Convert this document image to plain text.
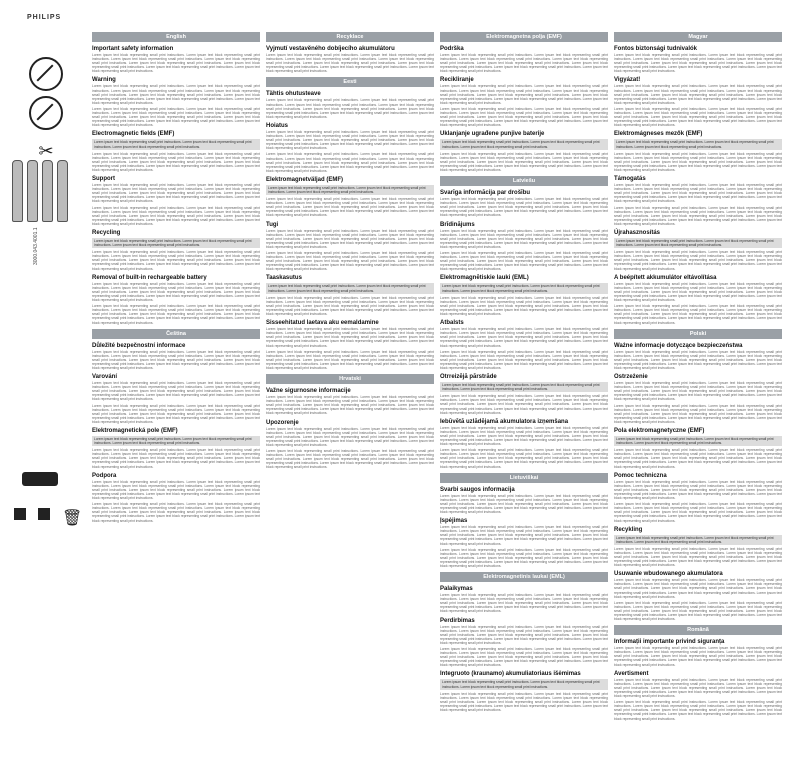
PHILIPS
✂
3000.043.4001.1
🗑
English
Important safety information

Lorem ipsum text block representing small print instructions. Lorem ipsum text block representing small print instructions. Lorem ipsum text block representing small print instructions. Lorem ipsum text block representing small print instructions. Lorem ipsum text block representing small print instructions. Lorem ipsum text block representing small print instructions. Lorem ipsum text block representing small print instructions. Lorem ipsum text block representing small print instructions.

Warning

Lorem ipsum text block representing small print instructions. Lorem ipsum text block representing small print instructions. Lorem ipsum text block representing small print instructions. Lorem ipsum text block representing small print instructions. Lorem ipsum text block representing small print instructions. Lorem ipsum text block representing small print instructions. Lorem ipsum text block representing small print instructions. Lorem ipsum text block representing small print instructions.

Lorem ipsum text block representing small print instructions. Lorem ipsum text block representing small print instructions. Lorem ipsum text block representing small print instructions. Lorem ipsum text block representing small print instructions. Lorem ipsum text block representing small print instructions. Lorem ipsum text block representing small print instructions. Lorem ipsum text block representing small print instructions. Lorem ipsum text block representing small print instructions.

Electromagnetic fields (EMF)

Lorem ipsum text block representing small print instructions. Lorem ipsum text block representing small print instructions. Lorem ipsum text block representing small print instructions.

Lorem ipsum text block representing small print instructions. Lorem ipsum text block representing small print instructions. Lorem ipsum text block representing small print instructions. Lorem ipsum text block representing small print instructions. Lorem ipsum text block representing small print instructions. Lorem ipsum text block representing small print instructions. Lorem ipsum text block representing small print instructions. Lorem ipsum text block representing small print instructions.

Support

Lorem ipsum text block representing small print instructions. Lorem ipsum text block representing small print instructions. Lorem ipsum text block representing small print instructions. Lorem ipsum text block representing small print instructions. Lorem ipsum text block representing small print instructions. Lorem ipsum text block representing small print instructions. Lorem ipsum text block representing small print instructions. Lorem ipsum text block representing small print instructions.

Lorem ipsum text block representing small print instructions. Lorem ipsum text block representing small print instructions. Lorem ipsum text block representing small print instructions. Lorem ipsum text block representing small print instructions. Lorem ipsum text block representing small print instructions. Lorem ipsum text block representing small print instructions. Lorem ipsum text block representing small print instructions. Lorem ipsum text block representing small print instructions.

Recycling

Lorem ipsum text block representing small print instructions. Lorem ipsum text block representing small print instructions. Lorem ipsum text block representing small print instructions.

Lorem ipsum text block representing small print instructions. Lorem ipsum text block representing small print instructions. Lorem ipsum text block representing small print instructions. Lorem ipsum text block representing small print instructions. Lorem ipsum text block representing small print instructions. Lorem ipsum text block representing small print instructions. Lorem ipsum text block representing small print instructions. Lorem ipsum text block representing small print instructions.

Removal of built-in rechargeable battery

Lorem ipsum text block representing small print instructions. Lorem ipsum text block representing small print instructions. Lorem ipsum text block representing small print instructions. Lorem ipsum text block representing small print instructions. Lorem ipsum text block representing small print instructions. Lorem ipsum text block representing small print instructions. Lorem ipsum text block representing small print instructions. Lorem ipsum text block representing small print instructions.

Lorem ipsum text block representing small print instructions. Lorem ipsum text block representing small print instructions. Lorem ipsum text block representing small print instructions. Lorem ipsum text block representing small print instructions. Lorem ipsum text block representing small print instructions. Lorem ipsum text block representing small print instructions. Lorem ipsum text block representing small print instructions. Lorem ipsum text block representing small print instructions.

Čeština
Důležité bezpečnostní informace

Lorem ipsum text block representing small print instructions. Lorem ipsum text block representing small print instructions. Lorem ipsum text block representing small print instructions. Lorem ipsum text block representing small print instructions. Lorem ipsum text block representing small print instructions. Lorem ipsum text block representing small print instructions. Lorem ipsum text block representing small print instructions. Lorem ipsum text block representing small print instructions.

Varování

Lorem ipsum text block representing small print instructions. Lorem ipsum text block representing small print instructions. Lorem ipsum text block representing small print instructions. Lorem ipsum text block representing small print instructions. Lorem ipsum text block representing small print instructions. Lorem ipsum text block representing small print instructions. Lorem ipsum text block representing small print instructions. Lorem ipsum text block representing small print instructions.

Lorem ipsum text block representing small print instructions. Lorem ipsum text block representing small print instructions. Lorem ipsum text block representing small print instructions. Lorem ipsum text block representing small print instructions. Lorem ipsum text block representing small print instructions. Lorem ipsum text block representing small print instructions. Lorem ipsum text block representing small print instructions. Lorem ipsum text block representing small print instructions.

Elektromagnetická pole (EMF)

Lorem ipsum text block representing small print instructions. Lorem ipsum text block representing small print instructions. Lorem ipsum text block representing small print instructions.

Lorem ipsum text block representing small print instructions. Lorem ipsum text block representing small print instructions. Lorem ipsum text block representing small print instructions. Lorem ipsum text block representing small print instructions. Lorem ipsum text block representing small print instructions. Lorem ipsum text block representing small print instructions. Lorem ipsum text block representing small print instructions. Lorem ipsum text block representing small print instructions.

Podpora

Lorem ipsum text block representing small print instructions. Lorem ipsum text block representing small print instructions. Lorem ipsum text block representing small print instructions. Lorem ipsum text block representing small print instructions. Lorem ipsum text block representing small print instructions. Lorem ipsum text block representing small print instructions. Lorem ipsum text block representing small print instructions. Lorem ipsum text block representing small print instructions.

Lorem ipsum text block representing small print instructions. Lorem ipsum text block representing small print instructions. Lorem ipsum text block representing small print instructions. Lorem ipsum text block representing small print instructions. Lorem ipsum text block representing small print instructions. Lorem ipsum text block representing small print instructions. Lorem ipsum text block representing small print instructions. Lorem ipsum text block representing small print instructions.

Recyklace
Vyjmutí vestavěného dobíjecího akumulátoru

Lorem ipsum text block representing small print instructions. Lorem ipsum text block representing small print instructions. Lorem ipsum text block representing small print instructions. Lorem ipsum text block representing small print instructions. Lorem ipsum text block representing small print instructions. Lorem ipsum text block representing small print instructions. Lorem ipsum text block representing small print instructions. Lorem ipsum text block representing small print instructions.

Eesti
Tähtis ohutusteave

Lorem ipsum text block representing small print instructions. Lorem ipsum text block representing small print instructions. Lorem ipsum text block representing small print instructions. Lorem ipsum text block representing small print instructions. Lorem ipsum text block representing small print instructions. Lorem ipsum text block representing small print instructions. Lorem ipsum text block representing small print instructions. Lorem ipsum text block representing small print instructions.

Hoiatus

Lorem ipsum text block representing small print instructions. Lorem ipsum text block representing small print instructions. Lorem ipsum text block representing small print instructions. Lorem ipsum text block representing small print instructions. Lorem ipsum text block representing small print instructions. Lorem ipsum text block representing small print instructions. Lorem ipsum text block representing small print instructions. Lorem ipsum text block representing small print instructions.

Lorem ipsum text block representing small print instructions. Lorem ipsum text block representing small print instructions. Lorem ipsum text block representing small print instructions. Lorem ipsum text block representing small print instructions. Lorem ipsum text block representing small print instructions. Lorem ipsum text block representing small print instructions. Lorem ipsum text block representing small print instructions. Lorem ipsum text block representing small print instructions.

Elektromagnetväljad (EMF)

Lorem ipsum text block representing small print instructions. Lorem ipsum text block representing small print instructions. Lorem ipsum text block representing small print instructions.

Lorem ipsum text block representing small print instructions. Lorem ipsum text block representing small print instructions. Lorem ipsum text block representing small print instructions. Lorem ipsum text block representing small print instructions. Lorem ipsum text block representing small print instructions. Lorem ipsum text block representing small print instructions. Lorem ipsum text block representing small print instructions. Lorem ipsum text block representing small print instructions.

Tugi

Lorem ipsum text block representing small print instructions. Lorem ipsum text block representing small print instructions. Lorem ipsum text block representing small print instructions. Lorem ipsum text block representing small print instructions. Lorem ipsum text block representing small print instructions. Lorem ipsum text block representing small print instructions. Lorem ipsum text block representing small print instructions. Lorem ipsum text block representing small print instructions.

Lorem ipsum text block representing small print instructions. Lorem ipsum text block representing small print instructions. Lorem ipsum text block representing small print instructions. Lorem ipsum text block representing small print instructions. Lorem ipsum text block representing small print instructions. Lorem ipsum text block representing small print instructions. Lorem ipsum text block representing small print instructions. Lorem ipsum text block representing small print instructions.

Taaskasutus

Lorem ipsum text block representing small print instructions. Lorem ipsum text block representing small print instructions. Lorem ipsum text block representing small print instructions.

Lorem ipsum text block representing small print instructions. Lorem ipsum text block representing small print instructions. Lorem ipsum text block representing small print instructions. Lorem ipsum text block representing small print instructions. Lorem ipsum text block representing small print instructions. Lorem ipsum text block representing small print instructions. Lorem ipsum text block representing small print instructions. Lorem ipsum text block representing small print instructions.

Sisseehitatud laetava aku eemaldamine

Lorem ipsum text block representing small print instructions. Lorem ipsum text block representing small print instructions. Lorem ipsum text block representing small print instructions. Lorem ipsum text block representing small print instructions. Lorem ipsum text block representing small print instructions. Lorem ipsum text block representing small print instructions. Lorem ipsum text block representing small print instructions. Lorem ipsum text block representing small print instructions.

Lorem ipsum text block representing small print instructions. Lorem ipsum text block representing small print instructions. Lorem ipsum text block representing small print instructions. Lorem ipsum text block representing small print instructions. Lorem ipsum text block representing small print instructions. Lorem ipsum text block representing small print instructions. Lorem ipsum text block representing small print instructions. Lorem ipsum text block representing small print instructions.

Hrvatski
Važne sigurnosne informacije

Lorem ipsum text block representing small print instructions. Lorem ipsum text block representing small print instructions. Lorem ipsum text block representing small print instructions. Lorem ipsum text block representing small print instructions. Lorem ipsum text block representing small print instructions. Lorem ipsum text block representing small print instructions. Lorem ipsum text block representing small print instructions. Lorem ipsum text block representing small print instructions.

Upozorenje

Lorem ipsum text block representing small print instructions. Lorem ipsum text block representing small print instructions. Lorem ipsum text block representing small print instructions. Lorem ipsum text block representing small print instructions. Lorem ipsum text block representing small print instructions. Lorem ipsum text block representing small print instructions. Lorem ipsum text block representing small print instructions. Lorem ipsum text block representing small print instructions.

Lorem ipsum text block representing small print instructions. Lorem ipsum text block representing small print instructions. Lorem ipsum text block representing small print instructions. Lorem ipsum text block representing small print instructions. Lorem ipsum text block representing small print instructions. Lorem ipsum text block representing small print instructions. Lorem ipsum text block representing small print instructions. Lorem ipsum text block representing small print instructions.

Elektromagnetna polja (EMF)
Podrška

Lorem ipsum text block representing small print instructions. Lorem ipsum text block representing small print instructions. Lorem ipsum text block representing small print instructions. Lorem ipsum text block representing small print instructions. Lorem ipsum text block representing small print instructions. Lorem ipsum text block representing small print instructions. Lorem ipsum text block representing small print instructions. Lorem ipsum text block representing small print instructions.

Recikliranje

Lorem ipsum text block representing small print instructions. Lorem ipsum text block representing small print instructions. Lorem ipsum text block representing small print instructions. Lorem ipsum text block representing small print instructions. Lorem ipsum text block representing small print instructions. Lorem ipsum text block representing small print instructions. Lorem ipsum text block representing small print instructions. Lorem ipsum text block representing small print instructions.

Lorem ipsum text block representing small print instructions. Lorem ipsum text block representing small print instructions. Lorem ipsum text block representing small print instructions. Lorem ipsum text block representing small print instructions. Lorem ipsum text block representing small print instructions. Lorem ipsum text block representing small print instructions. Lorem ipsum text block representing small print instructions. Lorem ipsum text block representing small print instructions.

Uklanjanje ugrađene punjive baterije

Lorem ipsum text block representing small print instructions. Lorem ipsum text block representing small print instructions. Lorem ipsum text block representing small print instructions.

Lorem ipsum text block representing small print instructions. Lorem ipsum text block representing small print instructions. Lorem ipsum text block representing small print instructions. Lorem ipsum text block representing small print instructions. Lorem ipsum text block representing small print instructions. Lorem ipsum text block representing small print instructions. Lorem ipsum text block representing small print instructions. Lorem ipsum text block representing small print instructions.

Latviešu
Svarīga informācija par drošību

Lorem ipsum text block representing small print instructions. Lorem ipsum text block representing small print instructions. Lorem ipsum text block representing small print instructions. Lorem ipsum text block representing small print instructions. Lorem ipsum text block representing small print instructions. Lorem ipsum text block representing small print instructions. Lorem ipsum text block representing small print instructions. Lorem ipsum text block representing small print instructions.

Brīdinājums

Lorem ipsum text block representing small print instructions. Lorem ipsum text block representing small print instructions. Lorem ipsum text block representing small print instructions. Lorem ipsum text block representing small print instructions. Lorem ipsum text block representing small print instructions. Lorem ipsum text block representing small print instructions. Lorem ipsum text block representing small print instructions. Lorem ipsum text block representing small print instructions.

Lorem ipsum text block representing small print instructions. Lorem ipsum text block representing small print instructions. Lorem ipsum text block representing small print instructions. Lorem ipsum text block representing small print instructions. Lorem ipsum text block representing small print instructions. Lorem ipsum text block representing small print instructions. Lorem ipsum text block representing small print instructions. Lorem ipsum text block representing small print instructions.

Elektromagnētiskie lauki (EML)

Lorem ipsum text block representing small print instructions. Lorem ipsum text block representing small print instructions. Lorem ipsum text block representing small print instructions.

Lorem ipsum text block representing small print instructions. Lorem ipsum text block representing small print instructions. Lorem ipsum text block representing small print instructions. Lorem ipsum text block representing small print instructions. Lorem ipsum text block representing small print instructions. Lorem ipsum text block representing small print instructions. Lorem ipsum text block representing small print instructions. Lorem ipsum text block representing small print instructions.

Atbalsts

Lorem ipsum text block representing small print instructions. Lorem ipsum text block representing small print instructions. Lorem ipsum text block representing small print instructions. Lorem ipsum text block representing small print instructions. Lorem ipsum text block representing small print instructions. Lorem ipsum text block representing small print instructions. Lorem ipsum text block representing small print instructions. Lorem ipsum text block representing small print instructions.

Lorem ipsum text block representing small print instructions. Lorem ipsum text block representing small print instructions. Lorem ipsum text block representing small print instructions. Lorem ipsum text block representing small print instructions. Lorem ipsum text block representing small print instructions. Lorem ipsum text block representing small print instructions. Lorem ipsum text block representing small print instructions. Lorem ipsum text block representing small print instructions.

Otrreizējā pārstrāde

Lorem ipsum text block representing small print instructions. Lorem ipsum text block representing small print instructions. Lorem ipsum text block representing small print instructions.

Lorem ipsum text block representing small print instructions. Lorem ipsum text block representing small print instructions. Lorem ipsum text block representing small print instructions. Lorem ipsum text block representing small print instructions. Lorem ipsum text block representing small print instructions. Lorem ipsum text block representing small print instructions. Lorem ipsum text block representing small print instructions. Lorem ipsum text block representing small print instructions.

Iebūvētā uzlādējamā akumulatora izņemšana

Lorem ipsum text block representing small print instructions. Lorem ipsum text block representing small print instructions. Lorem ipsum text block representing small print instructions. Lorem ipsum text block representing small print instructions. Lorem ipsum text block representing small print instructions. Lorem ipsum text block representing small print instructions. Lorem ipsum text block representing small print instructions. Lorem ipsum text block representing small print instructions.

Lorem ipsum text block representing small print instructions. Lorem ipsum text block representing small print instructions. Lorem ipsum text block representing small print instructions. Lorem ipsum text block representing small print instructions. Lorem ipsum text block representing small print instructions. Lorem ipsum text block representing small print instructions. Lorem ipsum text block representing small print instructions. Lorem ipsum text block representing small print instructions.

Lietuviškai
Svarbi saugos informacija

Lorem ipsum text block representing small print instructions. Lorem ipsum text block representing small print instructions. Lorem ipsum text block representing small print instructions. Lorem ipsum text block representing small print instructions. Lorem ipsum text block representing small print instructions. Lorem ipsum text block representing small print instructions. Lorem ipsum text block representing small print instructions. Lorem ipsum text block representing small print instructions.

Įspėjimas

Lorem ipsum text block representing small print instructions. Lorem ipsum text block representing small print instructions. Lorem ipsum text block representing small print instructions. Lorem ipsum text block representing small print instructions. Lorem ipsum text block representing small print instructions. Lorem ipsum text block representing small print instructions. Lorem ipsum text block representing small print instructions. Lorem ipsum text block representing small print instructions.

Lorem ipsum text block representing small print instructions. Lorem ipsum text block representing small print instructions. Lorem ipsum text block representing small print instructions. Lorem ipsum text block representing small print instructions. Lorem ipsum text block representing small print instructions. Lorem ipsum text block representing small print instructions. Lorem ipsum text block representing small print instructions. Lorem ipsum text block representing small print instructions.

Elektromagnetinis laukai (EML)
Palaikymas

Lorem ipsum text block representing small print instructions. Lorem ipsum text block representing small print instructions. Lorem ipsum text block representing small print instructions. Lorem ipsum text block representing small print instructions. Lorem ipsum text block representing small print instructions. Lorem ipsum text block representing small print instructions. Lorem ipsum text block representing small print instructions. Lorem ipsum text block representing small print instructions.

Perdirbimas

Lorem ipsum text block representing small print instructions. Lorem ipsum text block representing small print instructions. Lorem ipsum text block representing small print instructions. Lorem ipsum text block representing small print instructions. Lorem ipsum text block representing small print instructions. Lorem ipsum text block representing small print instructions. Lorem ipsum text block representing small print instructions. Lorem ipsum text block representing small print instructions.

Lorem ipsum text block representing small print instructions. Lorem ipsum text block representing small print instructions. Lorem ipsum text block representing small print instructions. Lorem ipsum text block representing small print instructions. Lorem ipsum text block representing small print instructions. Lorem ipsum text block representing small print instructions. Lorem ipsum text block representing small print instructions. Lorem ipsum text block representing small print instructions.

Integruoto (kraunamo) akumuliatoriaus išėmimas

Lorem ipsum text block representing small print instructions. Lorem ipsum text block representing small print instructions. Lorem ipsum text block representing small print instructions.

Lorem ipsum text block representing small print instructions. Lorem ipsum text block representing small print instructions. Lorem ipsum text block representing small print instructions. Lorem ipsum text block representing small print instructions. Lorem ipsum text block representing small print instructions. Lorem ipsum text block representing small print instructions. Lorem ipsum text block representing small print instructions. Lorem ipsum text block representing small print instructions.

Magyar
Fontos biztonsági tudnivalók

Lorem ipsum text block representing small print instructions. Lorem ipsum text block representing small print instructions. Lorem ipsum text block representing small print instructions. Lorem ipsum text block representing small print instructions. Lorem ipsum text block representing small print instructions. Lorem ipsum text block representing small print instructions. Lorem ipsum text block representing small print instructions. Lorem ipsum text block representing small print instructions.

Vigyázat!

Lorem ipsum text block representing small print instructions. Lorem ipsum text block representing small print instructions. Lorem ipsum text block representing small print instructions. Lorem ipsum text block representing small print instructions. Lorem ipsum text block representing small print instructions. Lorem ipsum text block representing small print instructions. Lorem ipsum text block representing small print instructions. Lorem ipsum text block representing small print instructions.

Lorem ipsum text block representing small print instructions. Lorem ipsum text block representing small print instructions. Lorem ipsum text block representing small print instructions. Lorem ipsum text block representing small print instructions. Lorem ipsum text block representing small print instructions. Lorem ipsum text block representing small print instructions. Lorem ipsum text block representing small print instructions. Lorem ipsum text block representing small print instructions.

Elektromágneses mezők (EMF)

Lorem ipsum text block representing small print instructions. Lorem ipsum text block representing small print instructions. Lorem ipsum text block representing small print instructions.

Lorem ipsum text block representing small print instructions. Lorem ipsum text block representing small print instructions. Lorem ipsum text block representing small print instructions. Lorem ipsum text block representing small print instructions. Lorem ipsum text block representing small print instructions. Lorem ipsum text block representing small print instructions. Lorem ipsum text block representing small print instructions. Lorem ipsum text block representing small print instructions.

Támogatás

Lorem ipsum text block representing small print instructions. Lorem ipsum text block representing small print instructions. Lorem ipsum text block representing small print instructions. Lorem ipsum text block representing small print instructions. Lorem ipsum text block representing small print instructions. Lorem ipsum text block representing small print instructions. Lorem ipsum text block representing small print instructions. Lorem ipsum text block representing small print instructions.

Lorem ipsum text block representing small print instructions. Lorem ipsum text block representing small print instructions. Lorem ipsum text block representing small print instructions. Lorem ipsum text block representing small print instructions. Lorem ipsum text block representing small print instructions. Lorem ipsum text block representing small print instructions. Lorem ipsum text block representing small print instructions. Lorem ipsum text block representing small print instructions.

Újrahasznosítás

Lorem ipsum text block representing small print instructions. Lorem ipsum text block representing small print instructions. Lorem ipsum text block representing small print instructions.

Lorem ipsum text block representing small print instructions. Lorem ipsum text block representing small print instructions. Lorem ipsum text block representing small print instructions. Lorem ipsum text block representing small print instructions. Lorem ipsum text block representing small print instructions. Lorem ipsum text block representing small print instructions. Lorem ipsum text block representing small print instructions. Lorem ipsum text block representing small print instructions.

A beépített akkumulátor eltávolítása

Lorem ipsum text block representing small print instructions. Lorem ipsum text block representing small print instructions. Lorem ipsum text block representing small print instructions. Lorem ipsum text block representing small print instructions. Lorem ipsum text block representing small print instructions. Lorem ipsum text block representing small print instructions. Lorem ipsum text block representing small print instructions. Lorem ipsum text block representing small print instructions.

Lorem ipsum text block representing small print instructions. Lorem ipsum text block representing small print instructions. Lorem ipsum text block representing small print instructions. Lorem ipsum text block representing small print instructions. Lorem ipsum text block representing small print instructions. Lorem ipsum text block representing small print instructions. Lorem ipsum text block representing small print instructions. Lorem ipsum text block representing small print instructions.

Polski
Ważne informacje dotyczące bezpieczeństwa

Lorem ipsum text block representing small print instructions. Lorem ipsum text block representing small print instructions. Lorem ipsum text block representing small print instructions. Lorem ipsum text block representing small print instructions. Lorem ipsum text block representing small print instructions. Lorem ipsum text block representing small print instructions. Lorem ipsum text block representing small print instructions. Lorem ipsum text block representing small print instructions.

Ostrzeżenie

Lorem ipsum text block representing small print instructions. Lorem ipsum text block representing small print instructions. Lorem ipsum text block representing small print instructions. Lorem ipsum text block representing small print instructions. Lorem ipsum text block representing small print instructions. Lorem ipsum text block representing small print instructions. Lorem ipsum text block representing small print instructions. Lorem ipsum text block representing small print instructions.

Lorem ipsum text block representing small print instructions. Lorem ipsum text block representing small print instructions. Lorem ipsum text block representing small print instructions. Lorem ipsum text block representing small print instructions. Lorem ipsum text block representing small print instructions. Lorem ipsum text block representing small print instructions. Lorem ipsum text block representing small print instructions. Lorem ipsum text block representing small print instructions.

Pola elektromagnetyczne (EMF)

Lorem ipsum text block representing small print instructions. Lorem ipsum text block representing small print instructions. Lorem ipsum text block representing small print instructions.

Lorem ipsum text block representing small print instructions. Lorem ipsum text block representing small print instructions. Lorem ipsum text block representing small print instructions. Lorem ipsum text block representing small print instructions. Lorem ipsum text block representing small print instructions. Lorem ipsum text block representing small print instructions. Lorem ipsum text block representing small print instructions. Lorem ipsum text block representing small print instructions.

Pomoc techniczna

Lorem ipsum text block representing small print instructions. Lorem ipsum text block representing small print instructions. Lorem ipsum text block representing small print instructions. Lorem ipsum text block representing small print instructions. Lorem ipsum text block representing small print instructions. Lorem ipsum text block representing small print instructions. Lorem ipsum text block representing small print instructions. Lorem ipsum text block representing small print instructions.

Lorem ipsum text block representing small print instructions. Lorem ipsum text block representing small print instructions. Lorem ipsum text block representing small print instructions. Lorem ipsum text block representing small print instructions. Lorem ipsum text block representing small print instructions. Lorem ipsum text block representing small print instructions. Lorem ipsum text block representing small print instructions. Lorem ipsum text block representing small print instructions.

Recykling

Lorem ipsum text block representing small print instructions. Lorem ipsum text block representing small print instructions. Lorem ipsum text block representing small print instructions.

Lorem ipsum text block representing small print instructions. Lorem ipsum text block representing small print instructions. Lorem ipsum text block representing small print instructions. Lorem ipsum text block representing small print instructions. Lorem ipsum text block representing small print instructions. Lorem ipsum text block representing small print instructions. Lorem ipsum text block representing small print instructions. Lorem ipsum text block representing small print instructions.

Usuwanie wbudowanego akumulatora

Lorem ipsum text block representing small print instructions. Lorem ipsum text block representing small print instructions. Lorem ipsum text block representing small print instructions. Lorem ipsum text block representing small print instructions. Lorem ipsum text block representing small print instructions. Lorem ipsum text block representing small print instructions. Lorem ipsum text block representing small print instructions. Lorem ipsum text block representing small print instructions.

Lorem ipsum text block representing small print instructions. Lorem ipsum text block representing small print instructions. Lorem ipsum text block representing small print instructions. Lorem ipsum text block representing small print instructions. Lorem ipsum text block representing small print instructions. Lorem ipsum text block representing small print instructions. Lorem ipsum text block representing small print instructions. Lorem ipsum text block representing small print instructions.

Română
Informații importante privind siguranța

Lorem ipsum text block representing small print instructions. Lorem ipsum text block representing small print instructions. Lorem ipsum text block representing small print instructions. Lorem ipsum text block representing small print instructions. Lorem ipsum text block representing small print instructions. Lorem ipsum text block representing small print instructions. Lorem ipsum text block representing small print instructions. Lorem ipsum text block representing small print instructions.

Avertisment

Lorem ipsum text block representing small print instructions. Lorem ipsum text block representing small print instructions. Lorem ipsum text block representing small print instructions. Lorem ipsum text block representing small print instructions. Lorem ipsum text block representing small print instructions. Lorem ipsum text block representing small print instructions. Lorem ipsum text block representing small print instructions. Lorem ipsum text block representing small print instructions.

Lorem ipsum text block representing small print instructions. Lorem ipsum text block representing small print instructions. Lorem ipsum text block representing small print instructions. Lorem ipsum text block representing small print instructions. Lorem ipsum text block representing small print instructions. Lorem ipsum text block representing small print instructions. Lorem ipsum text block representing small print instructions. Lorem ipsum text block representing small print instructions.
